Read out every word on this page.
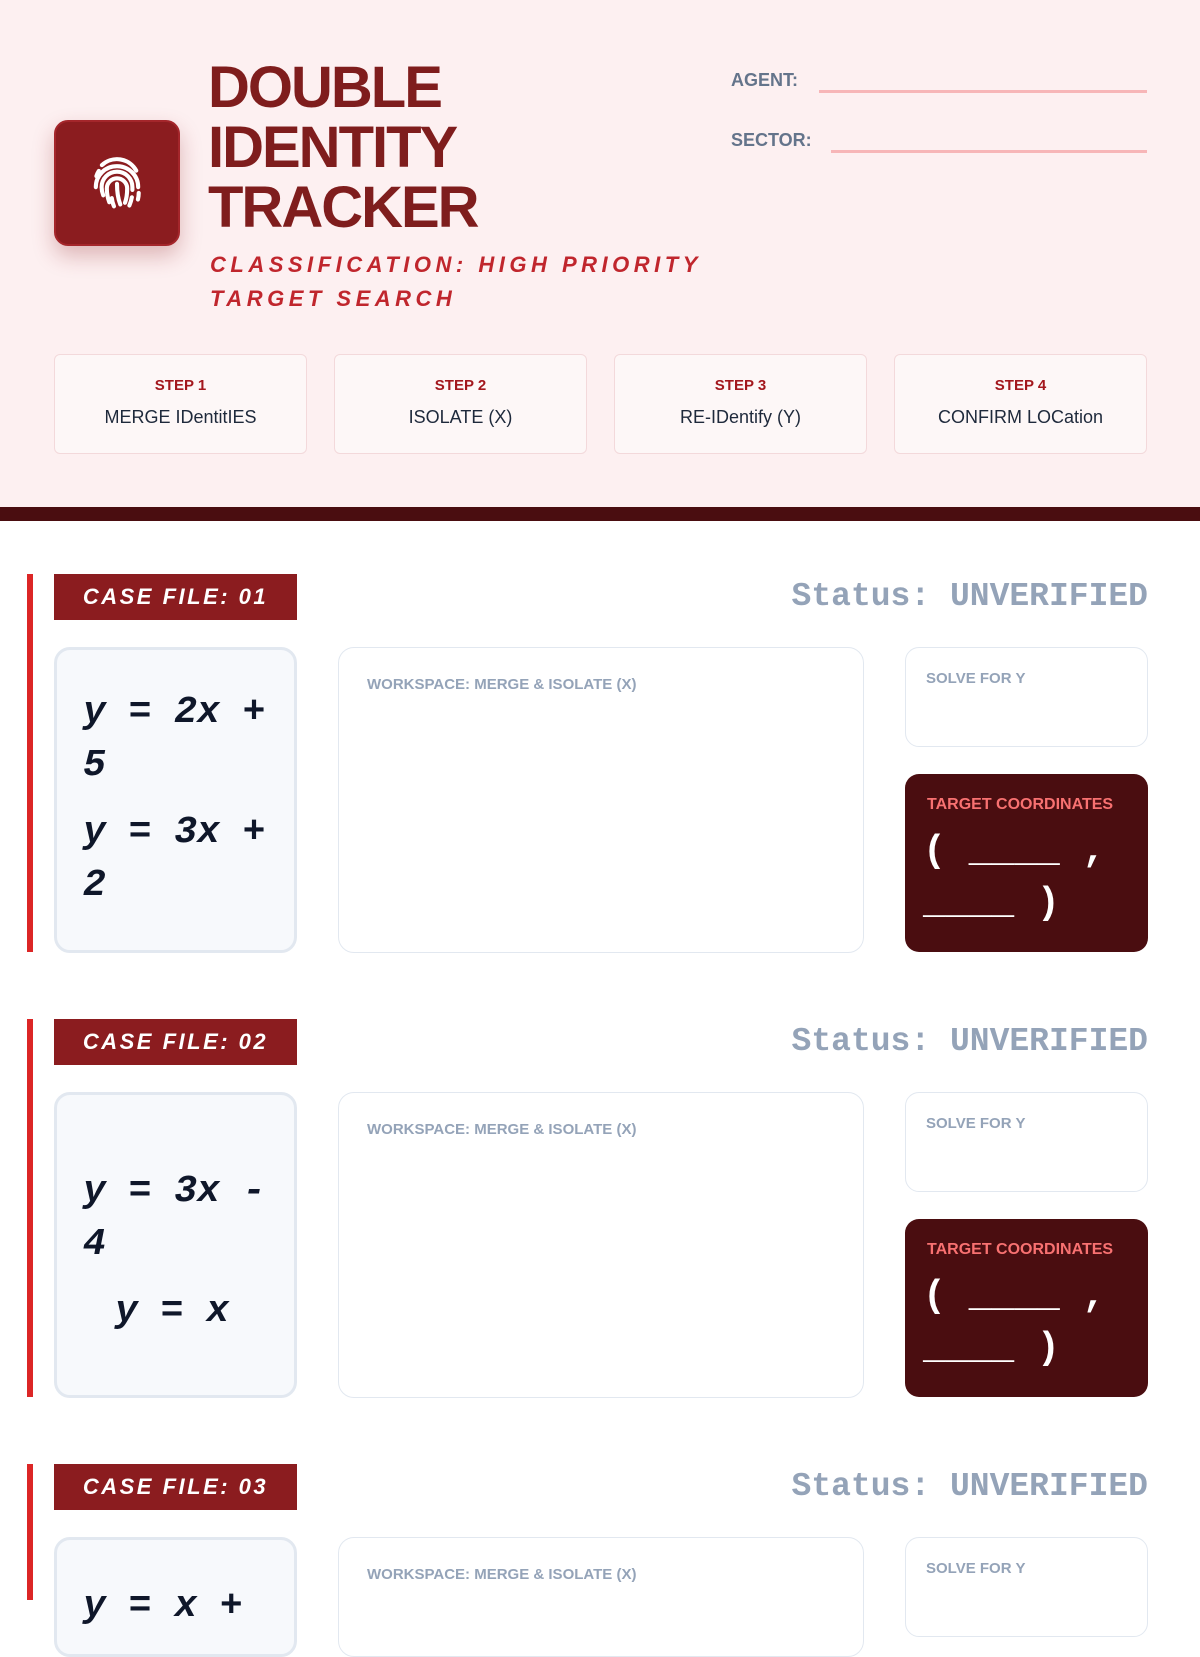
DOUBLE
IDENTITY
TRACKER
CLASSIFICATION: HIGH PRIORITY TARGET SEARCH
AGENT:
SECTOR:
STEP 1
MERGE IDentitIES
STEP 2
ISOLATE (X)
STEP 3
RE-IDentify (Y)
STEP 4
CONFIRM LOCation
CASE FILE: 01	Status: UNVERIFIED
y = 2x + 5
y = 3x + 2
WORKSPACE: MERGE & ISOLATE (X)	SOLVE FOR Y
TARGET COORDINATES
( ____ , ____ )
CASE FILE: 02	Status: UNVERIFIED
y = 3x - 4
y = x
WORKSPACE: MERGE & ISOLATE (X)	SOLVE FOR Y
TARGET COORDINATES
( ____ , ____ )
CASE FILE: 03	Status: UNVERIFIED
y = x +
WORKSPACE: MERGE & ISOLATE (X)	SOLVE FOR Y
